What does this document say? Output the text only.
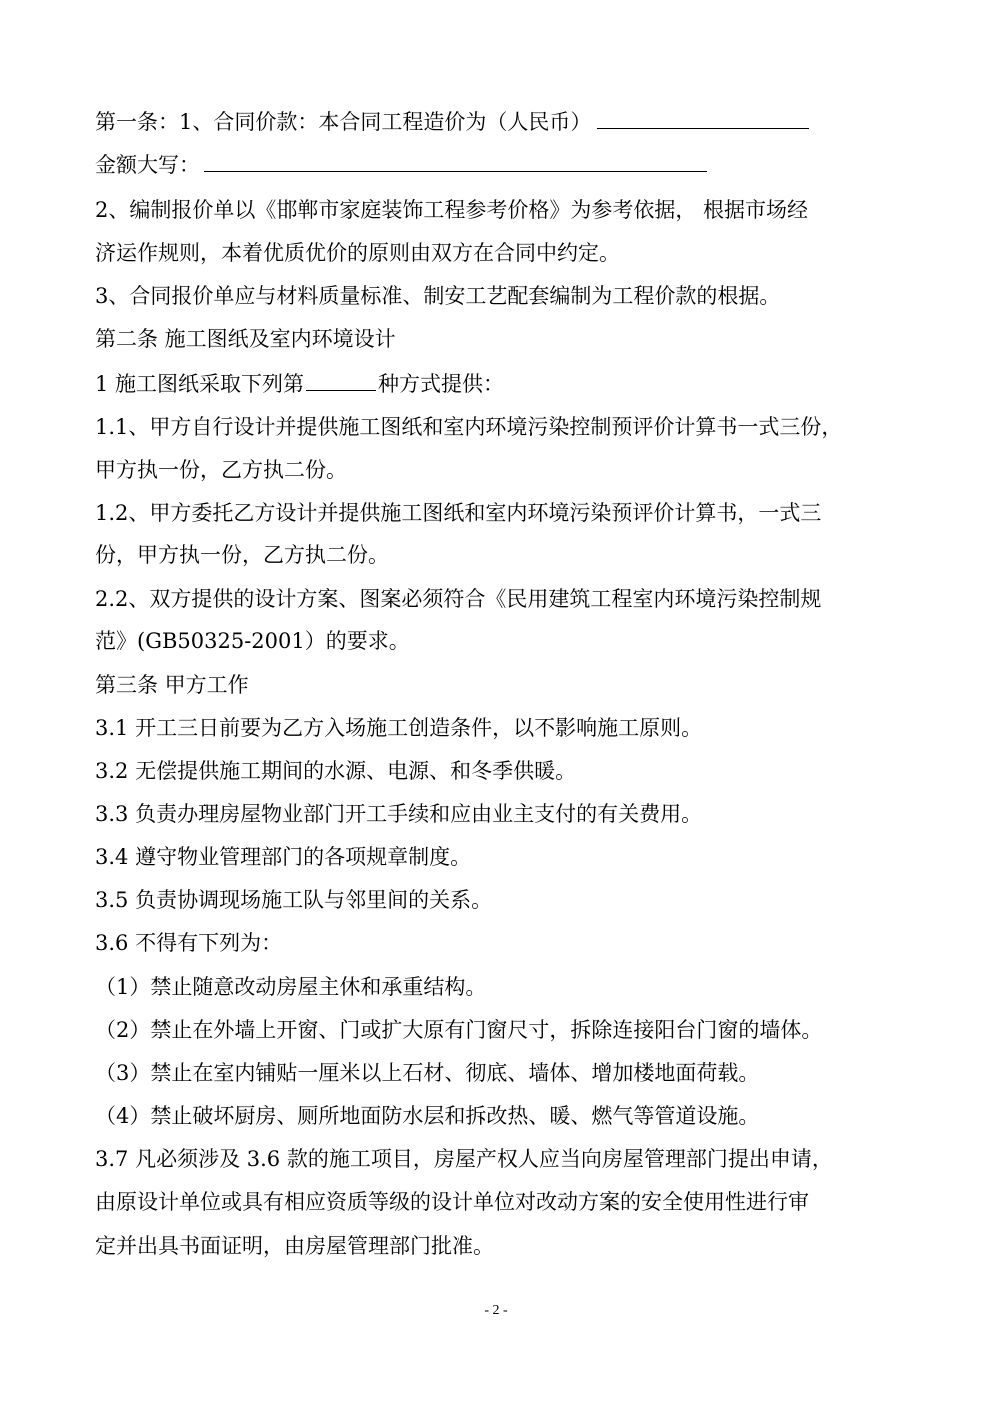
第一条：1、合同价款：本合同工程造价为（人民币）
金额大写：
2、编制报价单以《邯郸市家庭装饰工程参考价格》为参考依据， 根据市场经
济运作规则，本着优质优价的原则由双方在合同中约定。
3、合同报价单应与材料质量标准、制安工艺配套编制为工程价款的根据。
第二条 施工图纸及室内环境设计
1 施工图纸采取下列第	种方式提供：
1.1、甲方自行设计并提供施工图纸和室内环境污染控制预评价计算书一式三份，
甲方执一份，乙方执二份。
1.2、甲方委托乙方设计并提供施工图纸和室内环境污染预评价计算书，一式三
份，甲方执一份，乙方执二份。
2.2、双方提供的设计方案、图案必须符合《民用建筑工程室内环境污染控制规
范》(GB50325-2001）的要求。
第三条 甲方工作
3.1 开工三日前要为乙方入场施工创造条件，以不影响施工原则。
3.2 无偿提供施工期间的水源、电源、和冬季供暖。
3.3 负责办理房屋物业部门开工手续和应由业主支付的有关费用。
3.4 遵守物业管理部门的各项规章制度。
3.5 负责协调现场施工队与邻里间的关系。
3.6 不得有下列为：
（1）禁止随意改动房屋主休和承重结构。
（2）禁止在外墙上开窗、门或扩大原有门窗尺寸，拆除连接阳台门窗的墙体。
（3）禁止在室内铺贴一厘米以上石材、彻底、墙体、增加楼地面荷载。
（4）禁止破坏厨房、厕所地面防水层和拆改热、暖、燃气等管道设施。
3.7 凡必须涉及 3.6 款的施工项目，房屋产权人应当向房屋管理部门提出申请，
由原设计单位或具有相应资质等级的设计单位对改动方案的安全使用性进行审
定并出具书面证明，由房屋管理部门批准。
- 2 -
